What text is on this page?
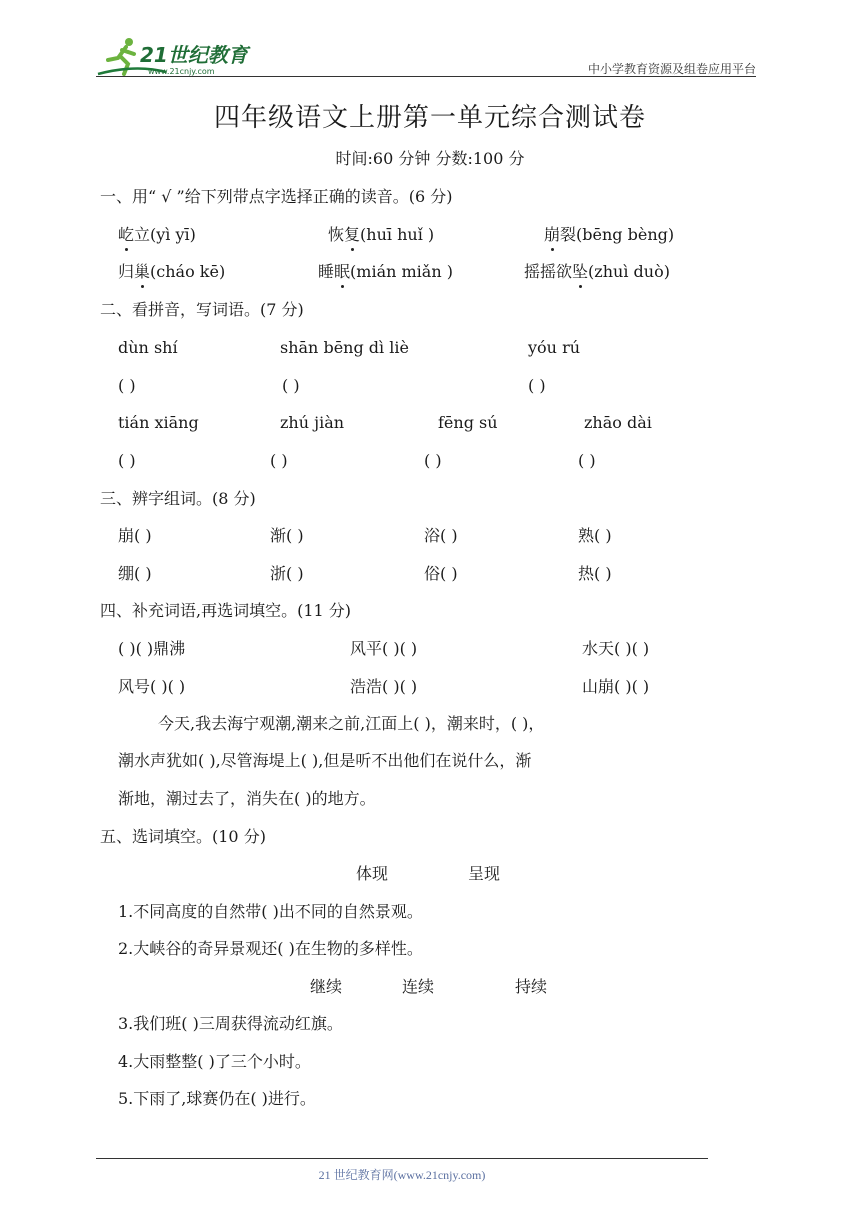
21世纪教育
www.21cnjy.com	中小学教育资源及组卷应用平台
四年级语文上册第一单元综合测试卷
时间:60 分钟 分数:100 分
一、用“ √ ”给下列带点字选择正确的读音。(6 分)
屹立(yì yī)	恢复(huī huǐ )	崩裂(bēng bèng)
归巢(cháo kē)	睡眠(mián miǎn )	摇摇欲坠(zhuì duò)
二、看拼音，写词语。(7 分)
dùn shí	shān bēng dì liè	yóu rú
( )	( )	( )
tián xiāng	zhú jiàn	fēng sú	zhāo dài
( )	( )	( )	( )
三、辨字组词。(8 分)
崩( )	渐( )	浴( )	熟( )
绷( )	浙( )	俗( )	热( )
四、补充词语,再选词填空。(11 分)
( )( )鼎沸	风平( )( )	水天( )( )
风号( )( )	浩浩( )( )	山崩( )( )
今天,我去海宁观潮,潮来之前,江面上( )，潮来时，( )，
潮水声犹如( ),尽管海堤上( ),但是听不出他们在说什么，渐
渐地，潮过去了，消失在( )的地方。
五、选词填空。(10 分)
体现	呈现
1.不同高度的自然带( )出不同的自然景观。
2.大峡谷的奇异景观还( )在生物的多样性。
继续	连续	持续
3.我们班( )三周获得流动红旗。
4.大雨整整( )了三个小时。
5.下雨了,球赛仍在( )进行。
21 世纪教育网(www.21cnjy.com)
